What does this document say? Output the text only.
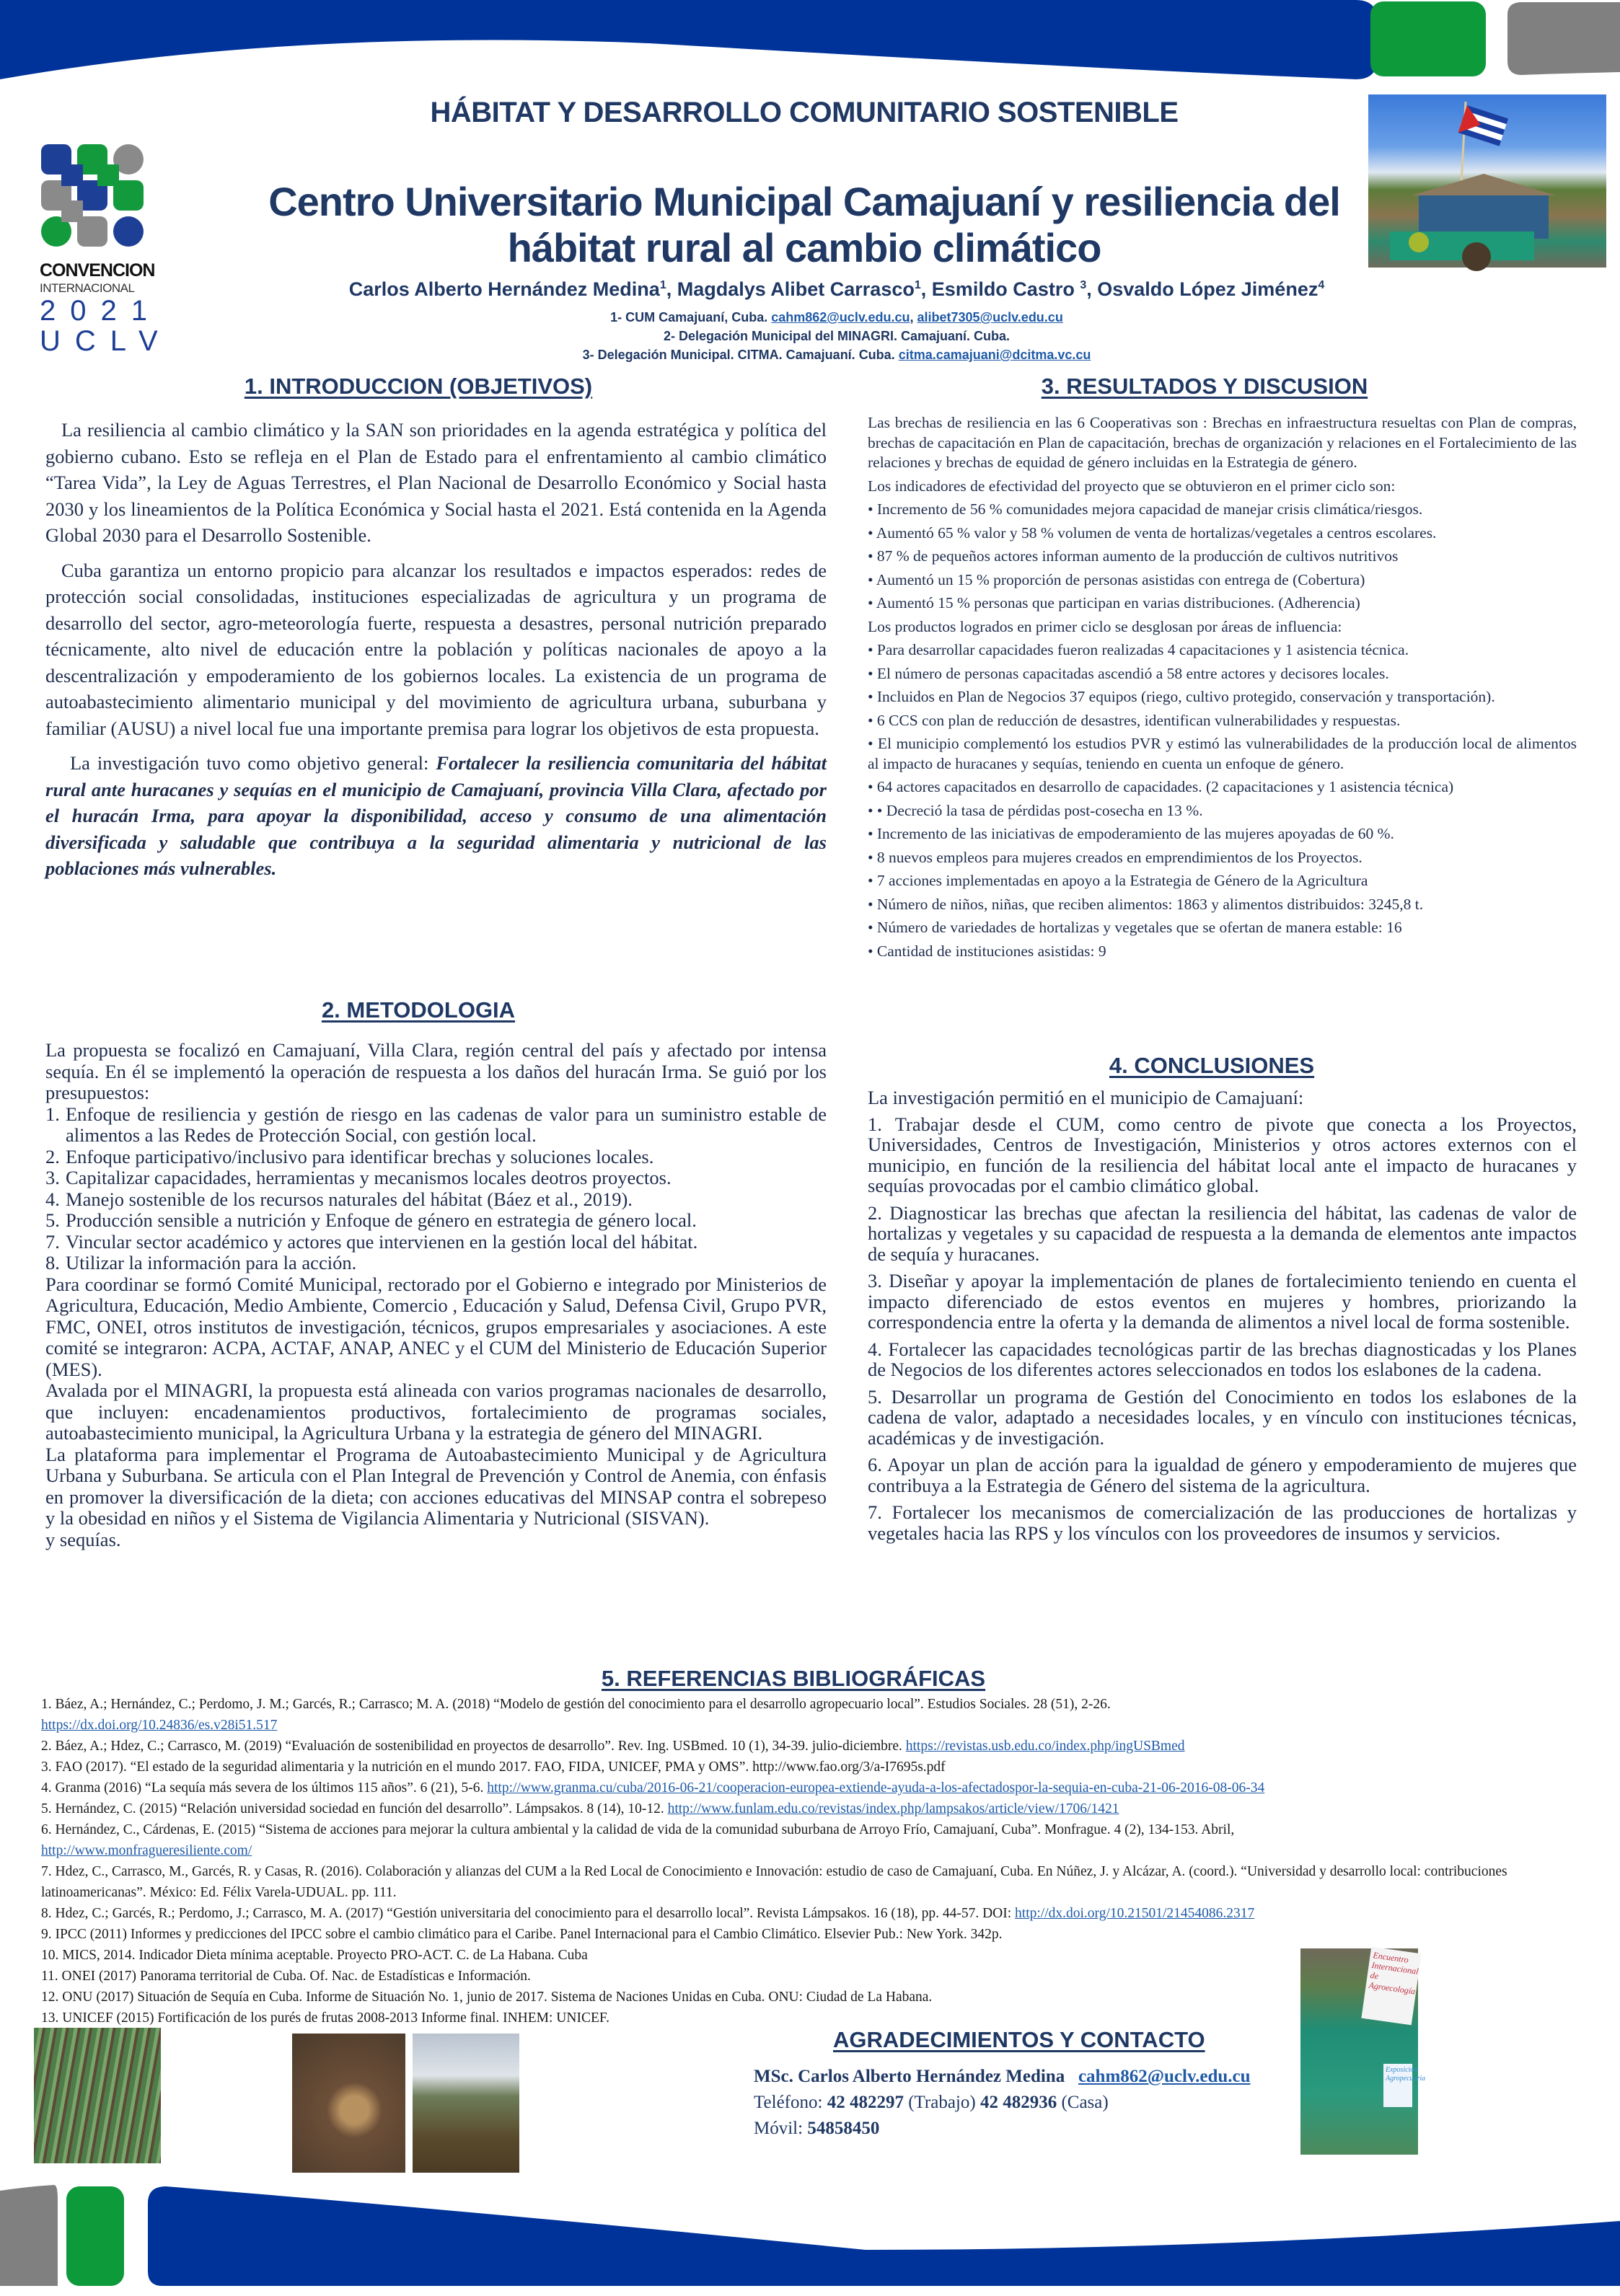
CONVENCION
INTERNACIONAL
2021
UCLV
HÁBITAT Y DESARROLLO COMUNITARIO SOSTENIBLE
Centro Universitario Municipal Camajuaní y resiliencia del
hábitat rural al cambio climático
Carlos Alberto Hernández Medina$^1$, Magdalys Alibet Carrasco$^1$, Esmildo Castro $^3$, Osvaldo López Jiménez$^4$
1- CUM Camajuaní, Cuba. cahm862@uclv.edu.cu, alibet7305@uclv.edu.cu
2- Delegación Municipal del MINAGRI. Camajuaní. Cuba.
3- Delegación Municipal. CITMA. Camajuaní. Cuba. citma.camajuani@dcitma.vc.cu
1. INTRODUCCION (OBJETIVOS)

La resiliencia al cambio climático y la SAN son prioridades en la agenda estratégica y política del gobierno cubano. Esto se refleja en el Plan de Estado para el enfrentamiento al cambio climático “Tarea Vida”, la Ley de Aguas Terrestres, el Plan Nacional de Desarrollo Económico y Social hasta 2030 y los lineamientos de la Política Económica y Social hasta el 2021. Está contenida en la Agenda Global 2030 para el Desarrollo Sostenible.

Cuba garantiza un entorno propicio para alcanzar los resultados e impactos esperados: redes de protección social consolidadas, instituciones especializadas de agricultura y un programa de desarrollo del sector, agro-meteorología fuerte, respuesta a desastres, personal nutrición preparado técnicamente, alto nivel de educación entre la población y políticas nacionales de apoyo a la descentralización y empoderamiento de los gobiernos locales. La existencia de un programa de autoabastecimiento alimentario municipal y del movimiento de agricultura urbana, suburbana y familiar (AUSU) a nivel local fue una importante premisa para lograr los objetivos de esta propuesta.

La investigación tuvo como objetivo general: Fortalecer la resiliencia comunitaria del hábitat rural ante huracanes y sequías en el municipio de Camajuaní, provincia Villa Clara, afectado por el huracán Irma, para apoyar la disponibilidad, acceso y consumo de una alimentación diversificada y saludable que contribuya a la seguridad alimentaria y nutricional de las poblaciones más vulnerables.

2. METODOLOGIA
La propuesta se focalizó en Camajuaní, Villa Clara, región central del país y afectado por intensa sequía. En él se implementó la operación de respuesta a los daños del huracán Irma. Se guió por los presupuestos:
1. Enfoque de resiliencia y gestión de riesgo en las cadenas de valor para un suministro estable de alimentos a las Redes de Protección Social, con gestión local.
2. Enfoque participativo/inclusivo para identificar brechas y soluciones locales.
3. Capitalizar capacidades, herramientas y mecanismos locales deotros proyectos.
4. Manejo sostenible de los recursos naturales del hábitat (Báez et al., 2019).
5. Producción sensible a nutrición y Enfoque de género en estrategia de género local.
7. Vincular sector académico y actores que intervienen en la gestión local del hábitat.
8. Utilizar la información para la acción.
Para coordinar se formó Comité Municipal, rectorado por el Gobierno e integrado por Ministerios de Agricultura, Educación, Medio Ambiente, Comercio , Educación y Salud, Defensa Civil, Grupo PVR, FMC, ONEI, otros institutos de investigación, técnicos, grupos empresariales y asociaciones. A este comité se integraron: ACPA, ACTAF, ANAP, ANEC y el CUM del Ministerio de Educación Superior (MES).
Avalada por el MINAGRI, la propuesta está alineada con varios programas nacionales de desarrollo, que incluyen: encadenamientos productivos, fortalecimiento de programas sociales, autoabastecimiento municipal, la Agricultura Urbana y la estrategia de género del MINAGRI.
La plataforma para implementar el Programa de Autoabastecimiento Municipal y de Agricultura Urbana y Suburbana. Se articula con el Plan Integral de Prevención y Control de Anemia, con énfasis en promover la diversificación de la dieta; con acciones educativas del MINSAP contra el sobrepeso y la obesidad en niños y el Sistema de Vigilancia Alimentaria y Nutricional (SISVAN).
y sequías.
3. RESULTADOS Y DISCUSION
Las brechas de resiliencia en las 6 Cooperativas son : Brechas en infraestructura resueltas con Plan de compras, brechas de capacitación en Plan de capacitación, brechas de organización y relaciones en el Fortalecimiento de las relaciones y brechas de equidad de género incluidas en la Estrategia de género.
Los indicadores de efectividad del proyecto que se obtuvieron en el primer ciclo son:
• Incremento de 56 % comunidades mejora capacidad de manejar crisis climática/riesgos.
• Aumentó 65 % valor y 58 % volumen de venta de hortalizas/vegetales a centros escolares.
• 87 % de pequeños actores informan aumento de la producción de cultivos nutritivos
• Aumentó un 15 % proporción de personas asistidas con entrega de (Cobertura)
• Aumentó 15 % personas que participan en varias distribuciones. (Adherencia)
Los productos logrados en primer ciclo se desglosan por áreas de influencia:
• Para desarrollar capacidades fueron realizadas 4 capacitaciones y 1 asistencia técnica.
• El número de personas capacitadas ascendió a 58 entre actores y decisores locales.
• Incluidos en Plan de Negocios 37 equipos (riego, cultivo protegido, conservación y transportación).
• 6 CCS con plan de reducción de desastres, identifican vulnerabilidades y respuestas.
• El municipio complementó los estudios PVR y estimó las vulnerabilidades de la producción local de alimentos al impacto de huracanes y sequías, teniendo en cuenta un enfoque de género.
• 64 actores capacitados en desarrollo de capacidades. (2 capacitaciones y 1 asistencia técnica)
• • Decreció la tasa de pérdidas post-cosecha en 13 %.
• Incremento de las iniciativas de empoderamiento de las mujeres apoyadas de 60 %.
• 8 nuevos empleos para mujeres creados en emprendimientos de los Proyectos.
• 7 acciones implementadas en apoyo a la Estrategia de Género de la Agricultura
• Número de niños, niñas, que reciben alimentos: 1863 y alimentos distribuidos: 3245,8 t.
• Número de variedades de hortalizas y vegetales que se ofertan de manera estable: 16
• Cantidad de instituciones asistidas: 9
4. CONCLUSIONES
La investigación permitió en el municipio de Camajuaní:
1. Trabajar desde el CUM, como centro de pivote que conecta a los Proyectos, Universidades, Centros de Investigación, Ministerios y otros actores externos con el municipio, en función de la resiliencia del hábitat local ante el impacto de huracanes y sequías provocadas por el cambio climático global.
2. Diagnosticar las brechas que afectan la resiliencia del hábitat, las cadenas de valor de hortalizas y vegetales y su capacidad de respuesta a la demanda de elementos ante impactos de sequía y huracanes.
3. Diseñar y apoyar la implementación de planes de fortalecimiento teniendo en cuenta el impacto diferenciado de estos eventos en mujeres y hombres, priorizando la correspondencia entre la oferta y la demanda de alimentos a nivel local de forma sostenible.
4. Fortalecer las capacidades tecnológicas partir de las brechas diagnosticadas y los Planes de Negocios de los diferentes actores seleccionados en todos los eslabones de la cadena.
5. Desarrollar un programa de Gestión del Conocimiento en todos los eslabones de la cadena de valor, adaptado a necesidades locales, y en vínculo con instituciones técnicas, académicas y de investigación.
6. Apoyar un plan de acción para la igualdad de género y empoderamiento de mujeres que contribuya a la Estrategia de Género del sistema de la agricultura.
7. Fortalecer los mecanismos de comercialización de las producciones de hortalizas y vegetales hacia las RPS y los vínculos con los proveedores de insumos y servicios.
5. REFERENCIAS BIBLIOGRÁFICAS
1. Báez, A.; Hernández, C.; Perdomo, J. M.; Garcés, R.; Carrasco; M. A. (2018) “Modelo de gestión del conocimiento para el desarrollo agropecuario local”. Estudios Sociales. 28 (51), 2-26.
https://dx.doi.org/10.24836/es.v28i51.517
2. Báez, A.; Hdez, C.; Carrasco, M. (2019) “Evaluación de sostenibilidad en proyectos de desarrollo”. Rev. Ing. USBmed. 10 (1), 34-39. julio-diciembre. https://revistas.usb.edu.co/index.php/ingUSBmed
3. FAO (2017). “El estado de la seguridad alimentaria y la nutrición en el mundo 2017. FAO, FIDA, UNICEF, PMA y OMS”. http://www.fao.org/3/a-I7695s.pdf
4. Granma (2016) “La sequía más severa de los últimos 115 años”. 6 (21), 5-6. http://www.granma.cu/cuba/2016-06-21/cooperacion-europea-extiende-ayuda-a-los-afectadospor-la-sequia-en-cuba-21-06-2016-08-06-34
5. Hernández, C. (2015) “Relación universidad sociedad en función del desarrollo”. Lámpsakos. 8 (14), 10-12. http://www.funlam.edu.co/revistas/index.php/lampsakos/article/view/1706/1421
6. Hernández, C., Cárdenas, E. (2015) “Sistema de acciones para mejorar la cultura ambiental y la calidad de vida de la comunidad suburbana de Arroyo Frío, Camajuaní, Cuba”. Monfrague. 4 (2), 134-153. Abril,
http://www.monfragueresiliente.com/
7. Hdez, C., Carrasco, M., Garcés, R. y Casas, R. (2016). Colaboración y alianzas del CUM a la Red Local de Conocimiento e Innovación: estudio de caso de Camajuaní, Cuba. En Núñez, J. y Alcázar, A. (coord.). “Universidad y desarrollo local: contribuciones latinoamericanas”. México: Ed. Félix Varela-UDUAL. pp. 111.
8. Hdez, C.; Garcés, R.; Perdomo, J.; Carrasco, M. A. (2017) “Gestión universitaria del conocimiento para el desarrollo local”. Revista Lámpsakos. 16 (18), pp. 44-57. DOI: http://dx.doi.org/10.21501/21454086.2317
9. IPCC (2011) Informes y predicciones del IPCC sobre el cambio climático para el Caribe. Panel Internacional para el Cambio Climático. Elsevier Pub.: New York. 342p.
10. MICS, 2014. Indicador Dieta mínima aceptable. Proyecto PRO-ACT. C. de La Habana. Cuba
11. ONEI (2017) Panorama territorial de Cuba. Of. Nac. de Estadísticas e Información.
12. ONU (2017) Situación de Sequía en Cuba. Informe de Situación No. 1, junio de 2017. Sistema de Naciones Unidas en Cuba. ONU: Ciudad de La Habana.
13. UNICEF (2015) Fortificación de los purés de frutas 2008-2013 Informe final. INHEM: UNICEF.
Encuentro Internacional de Agroecología
Exposición Agropecuaria
AGRADECIMIENTOS Y CONTACTO
MSc. Carlos Alberto Hernández Medina cahm862@uclv.edu.cu
Teléfono: 42 482297 (Trabajo) 42 482936 (Casa)
Móvil: 54858450
